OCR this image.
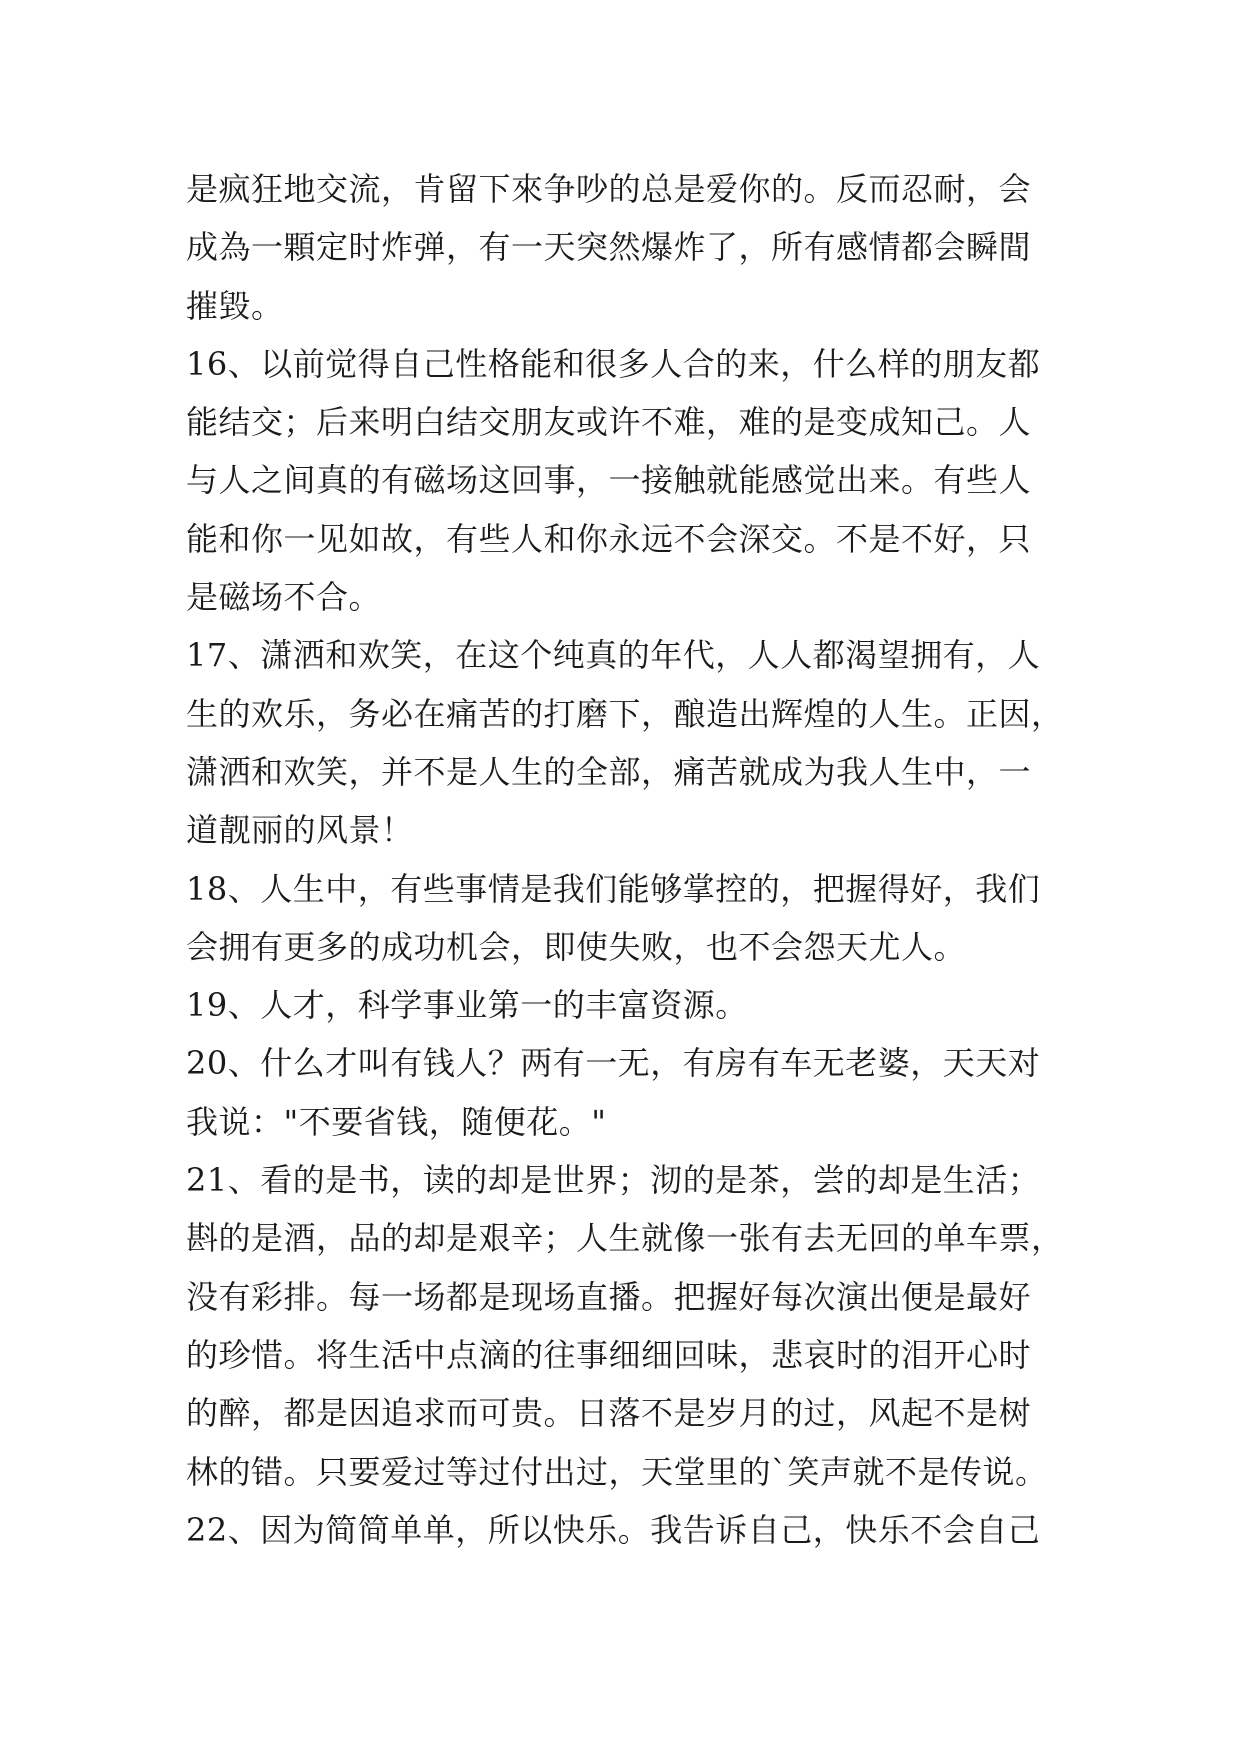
是疯狂地交流，肯留下來争吵的总是爱你的。反而忍耐，会
成為一顆定时炸弹，有一天突然爆炸了，所有感情都会瞬間
摧毀。
16、以前觉得自己性格能和很多人合的来，什么样的朋友都
能结交；后来明白结交朋友或许不难，难的是变成知己。人
与人之间真的有磁场这回事，一接触就能感觉出来。有些人
能和你一见如故，有些人和你永远不会深交。不是不好，只
是磁场不合。
17、潇洒和欢笑，在这个纯真的年代，人人都渴望拥有，人
生的欢乐，务必在痛苦的打磨下，酿造出辉煌的人生。正因，
潇洒和欢笑，并不是人生的全部，痛苦就成为我人生中，一
道靓丽的风景！
18、人生中，有些事情是我们能够掌控的，把握得好，我们
会拥有更多的成功机会，即使失败，也不会怨天尤人。
19、人才，科学事业第一的丰富资源。
20、什么才叫有钱人？两有一无，有房有车无老婆，天天对
我说："不要省钱，随便花。"
21、看的是书，读的却是世界；沏的是茶，尝的却是生活；
斟的是酒，品的却是艰辛；人生就像一张有去无回的单车票，
没有彩排。每一场都是现场直播。把握好每次演出便是最好
的珍惜。将生活中点滴的往事细细回味，悲哀时的泪开心时
的醉，都是因追求而可贵。日落不是岁月的过，风起不是树
林的错。只要爱过等过付出过，天堂里的`笑声就不是传说。
22、因为简简单单，所以快乐。我告诉自己，快乐不会自己
